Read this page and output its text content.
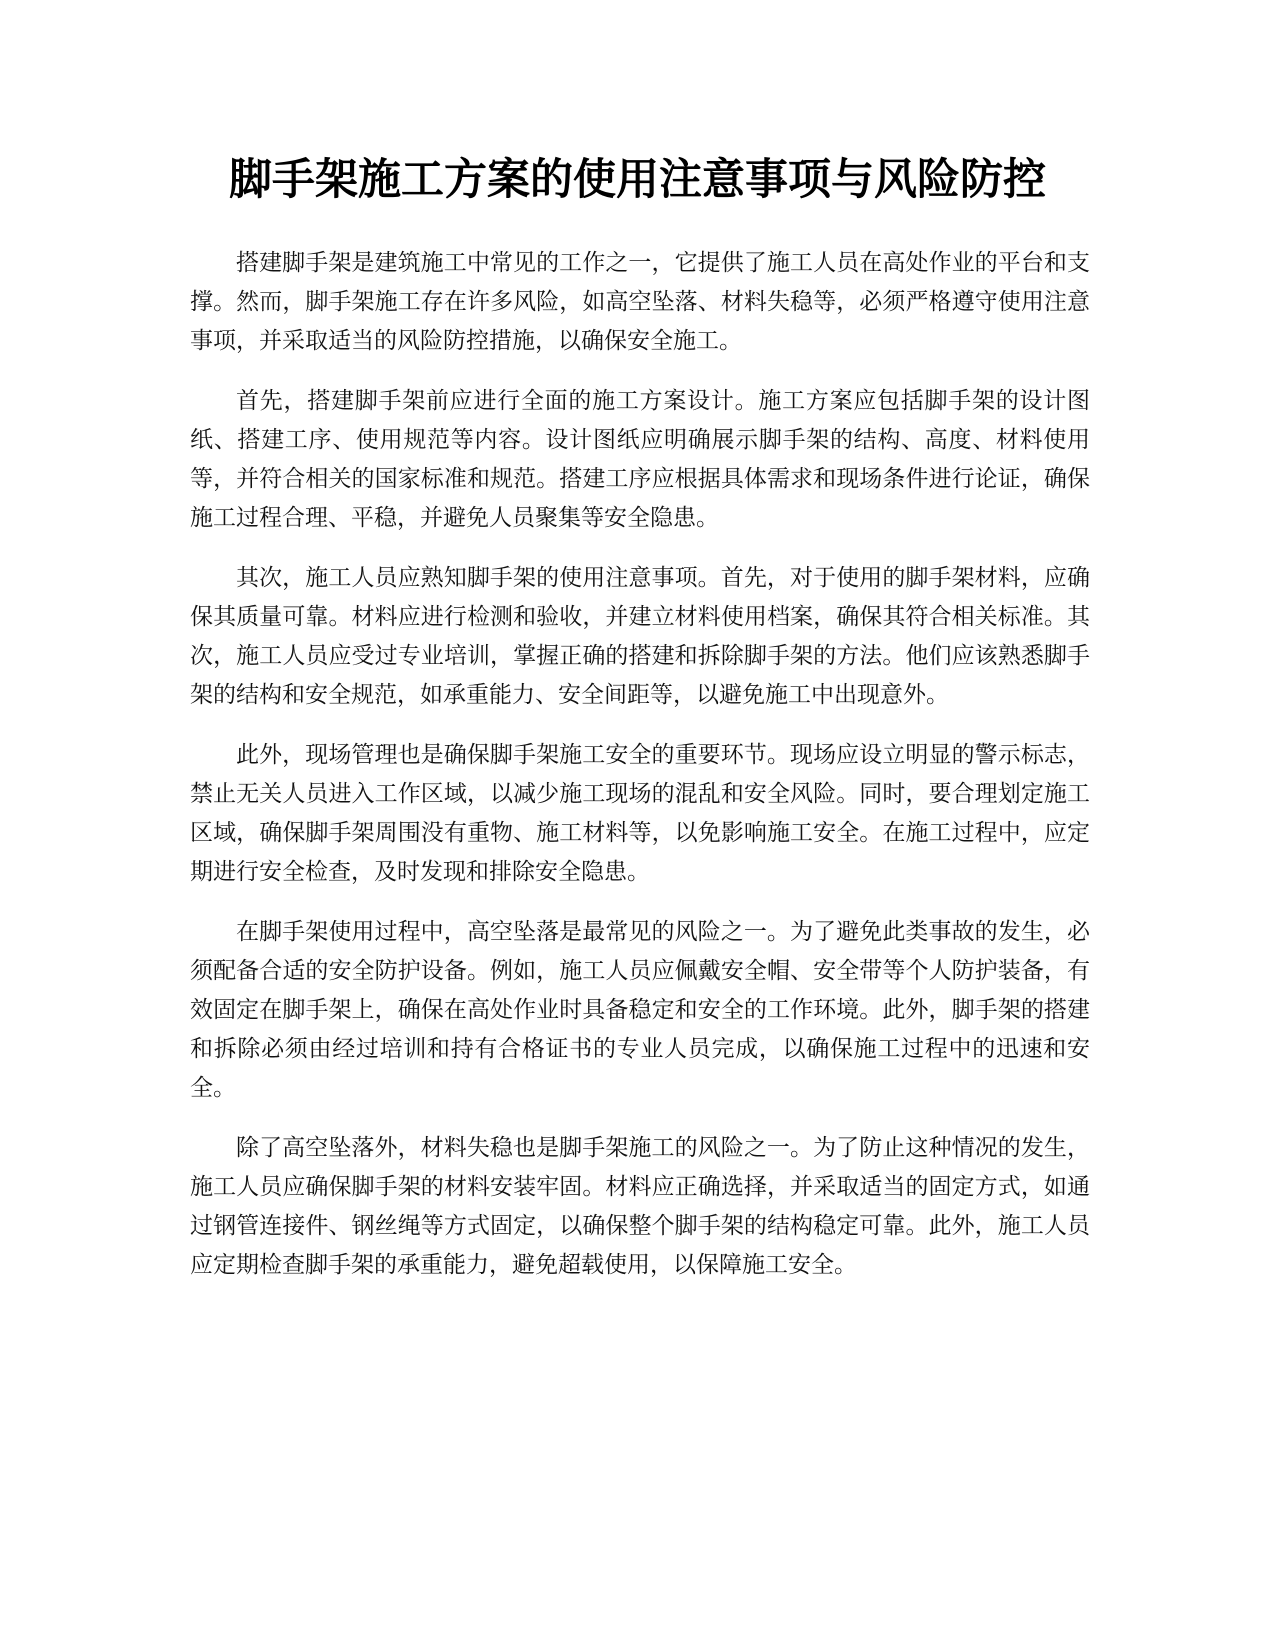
脚手架施工方案的使用注意事项与风险防控

搭建脚手架是建筑施工中常见的工作之一，它提供了施工人员在高处作业的平台和支撑。然而，脚手架施工存在许多风险，如高空坠落、材料失稳等，必须严格遵守使用注意事项，并采取适当的风险防控措施，以确保安全施工。

首先，搭建脚手架前应进行全面的施工方案设计。施工方案应包括脚手架的设计图纸、搭建工序、使用规范等内容。设计图纸应明确展示脚手架的结构、高度、材料使用等，并符合相关的国家标准和规范。搭建工序应根据具体需求和现场条件进行论证，确保施工过程合理、平稳，并避免人员聚集等安全隐患。

其次，施工人员应熟知脚手架的使用注意事项。首先，对于使用的脚手架材料，应确保其质量可靠。材料应进行检测和验收，并建立材料使用档案，确保其符合相关标准。其次，施工人员应受过专业培训，掌握正确的搭建和拆除脚手架的方法。他们应该熟悉脚手架的结构和安全规范，如承重能力、安全间距等，以避免施工中出现意外。

此外，现场管理也是确保脚手架施工安全的重要环节。现场应设立明显的警示标志，禁止无关人员进入工作区域，以减少施工现场的混乱和安全风险。同时，要合理划定施工区域，确保脚手架周围没有重物、施工材料等，以免影响施工安全。在施工过程中，应定期进行安全检查，及时发现和排除安全隐患。

在脚手架使用过程中，高空坠落是最常见的风险之一。为了避免此类事故的发生，必须配备合适的安全防护设备。例如，施工人员应佩戴安全帽、安全带等个人防护装备，有效固定在脚手架上，确保在高处作业时具备稳定和安全的工作环境。此外，脚手架的搭建和拆除必须由经过培训和持有合格证书的专业人员完成，以确保施工过程中的迅速和安全。

除了高空坠落外，材料失稳也是脚手架施工的风险之一。为了防止这种情况的发生，施工人员应确保脚手架的材料安装牢固。材料应正确选择，并采取适当的固定方式，如通过钢管连接件、钢丝绳等方式固定，以确保整个脚手架的结构稳定可靠。此外，施工人员应定期检查脚手架的承重能力，避免超载使用，以保障施工安全。
